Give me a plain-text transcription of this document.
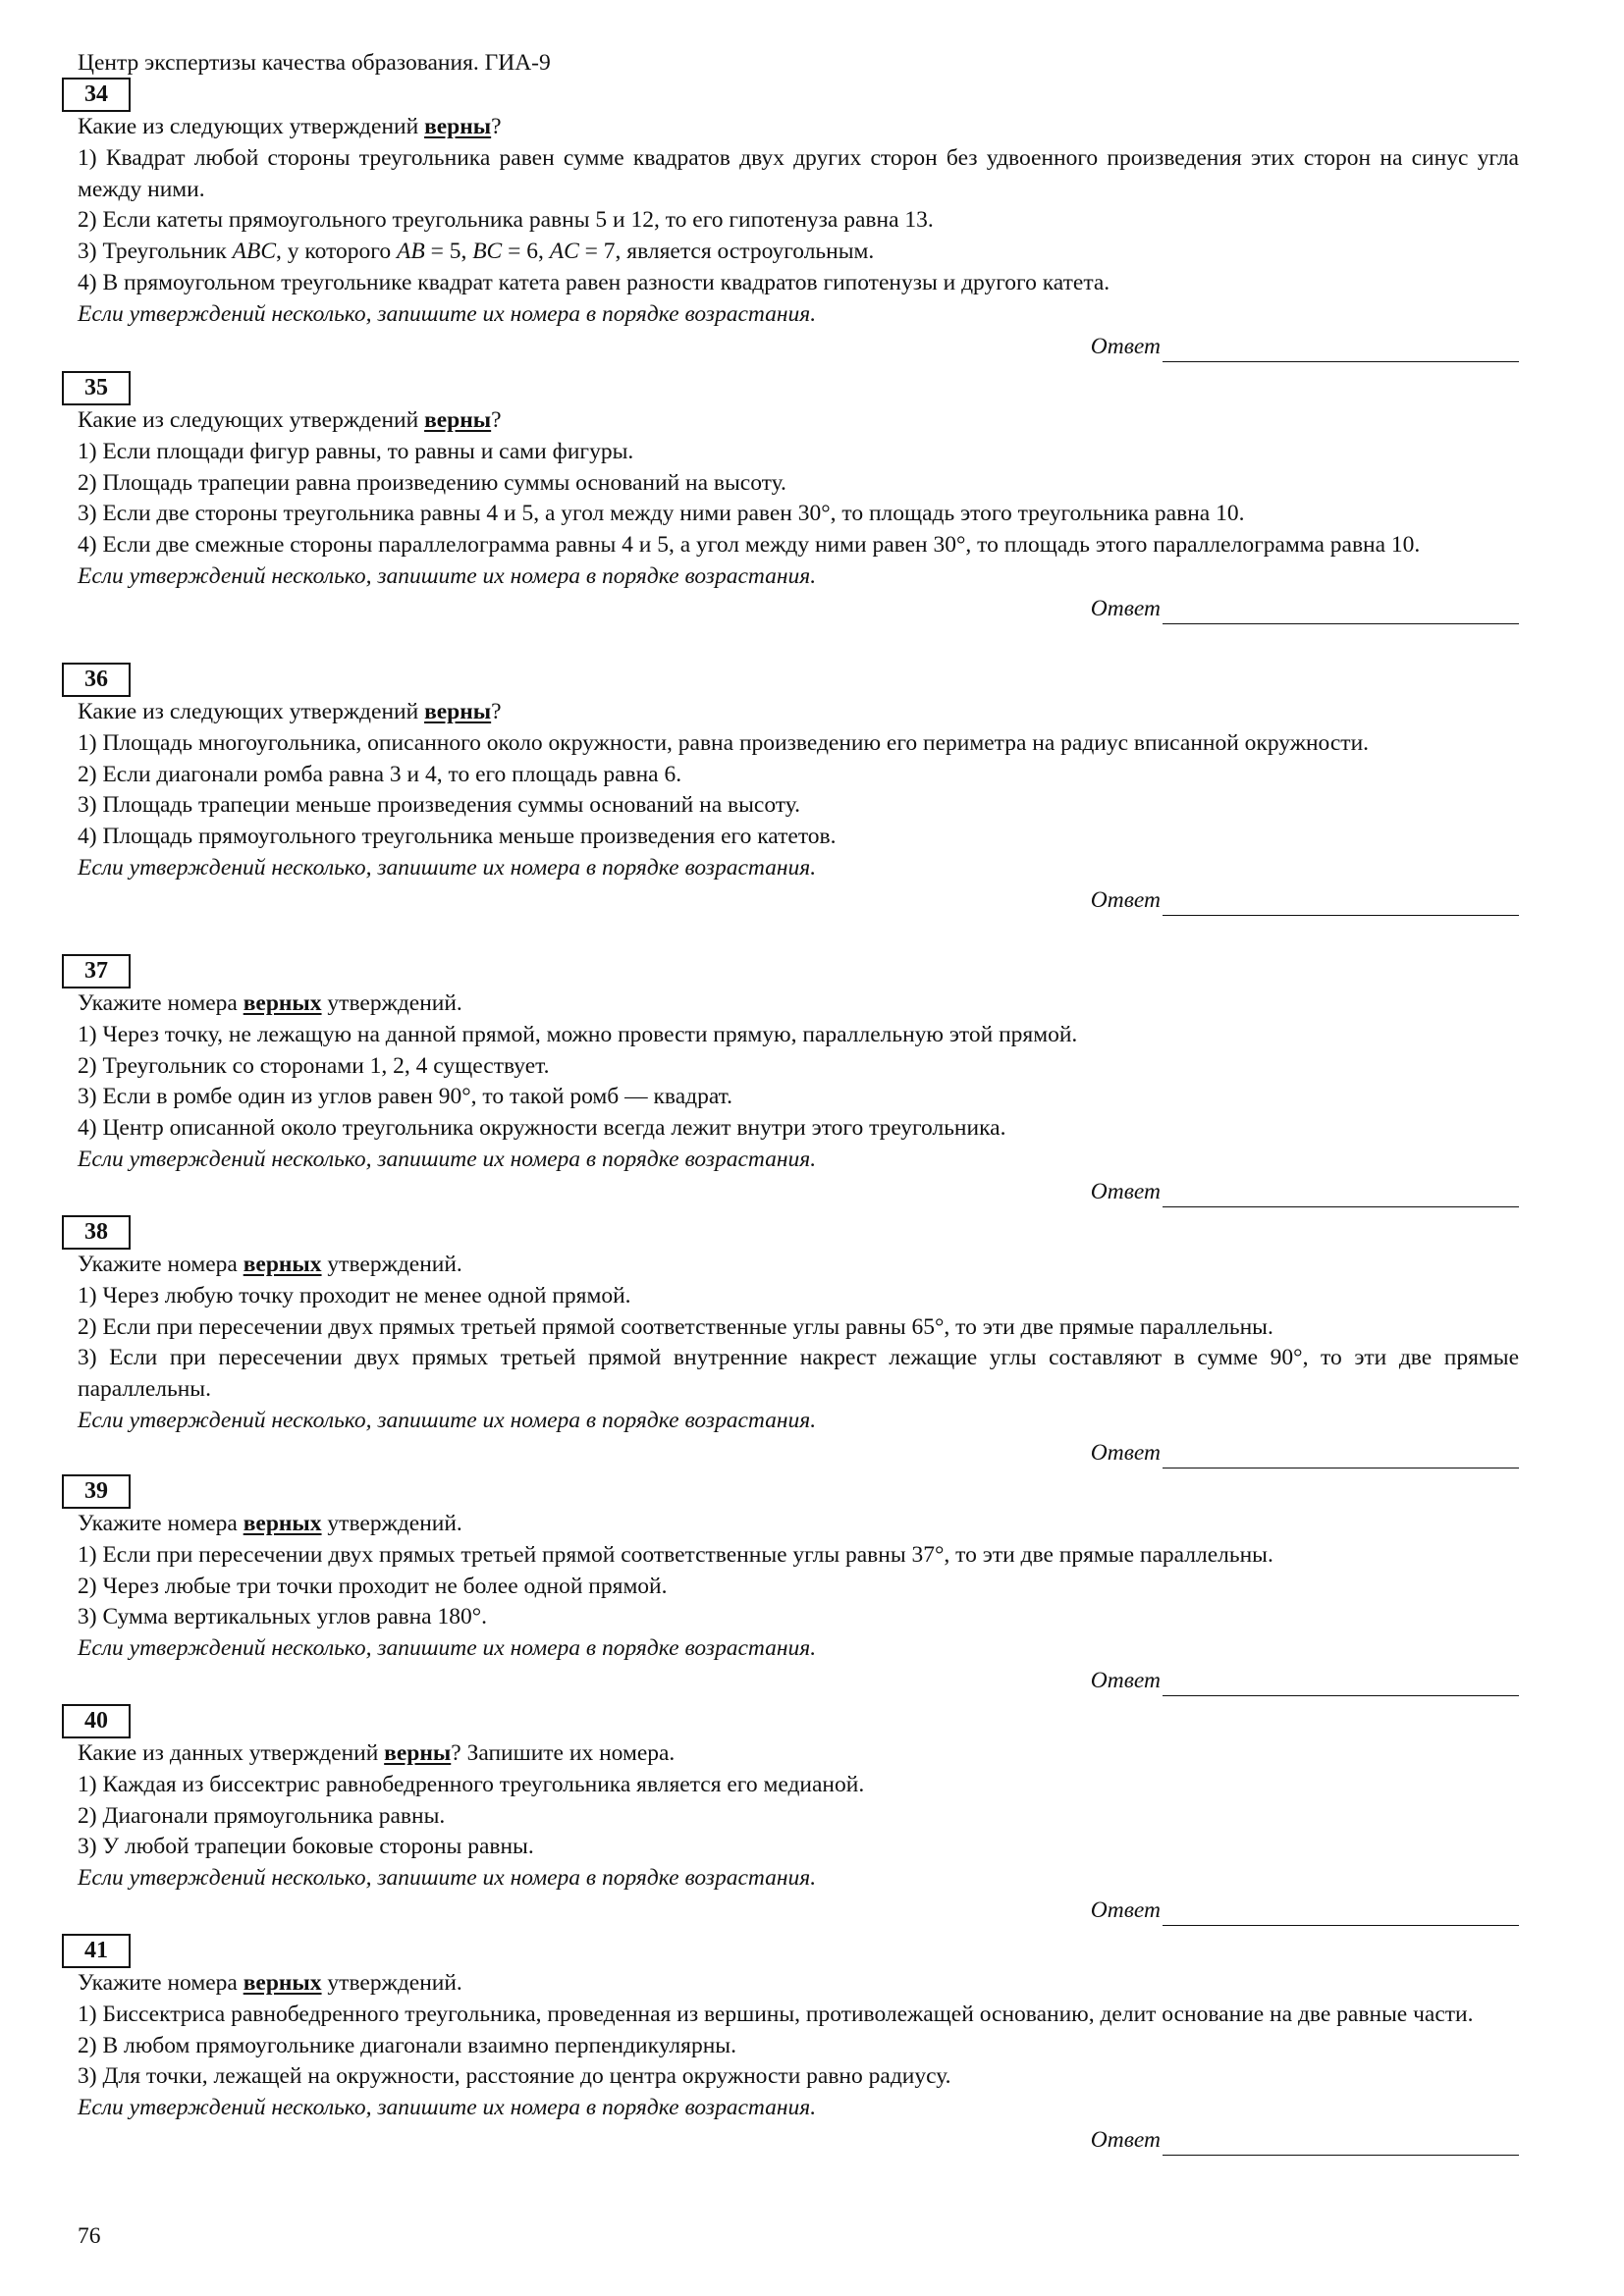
Центр экспертизы качества образования. ГИА-9
34
Какие из следующих утверждений верны?
1) Квадрат любой стороны треугольника равен сумме квадратов двух других сторон без удвоенного произведения этих сторон на синус угла между ними.
2) Если катеты прямоугольного треугольника равны 5 и 12, то его гипотенуза равна 13.
3) Треугольник ABC, у которого AB = 5, BC = 6, AC = 7, является остроугольным.
4) В прямоугольном треугольнике квадрат катета равен разности квадратов гипотенузы и другого катета.
Если утверждений несколько, запишите их номера в порядке возрастания.
Ответ
35
Какие из следующих утверждений верны?
1) Если площади фигур равны, то равны и сами фигуры.
2) Площадь трапеции равна произведению суммы оснований на высоту.
3) Если две стороны треугольника равны 4 и 5, а угол между ними равен 30°, то площадь этого треугольника равна 10.
4) Если две смежные стороны параллелограмма равны 4 и 5, а угол между ними равен 30°, то площадь этого параллелограмма равна 10.
Если утверждений несколько, запишите их номера в порядке возрастания.
Ответ
36
Какие из следующих утверждений верны?
1) Площадь многоугольника, описанного около окружности, равна произведению его периметра на радиус вписанной окружности.
2) Если диагонали ромба равна 3 и 4, то его площадь равна 6.
3) Площадь трапеции меньше произведения суммы оснований на высоту.
4) Площадь прямоугольного треугольника меньше произведения его катетов.
Если утверждений несколько, запишите их номера в порядке возрастания.
Ответ
37
Укажите номера верных утверждений.
1) Через точку, не лежащую на данной прямой, можно провести прямую, параллельную этой прямой.
2) Треугольник со сторонами 1, 2, 4 существует.
3) Если в ромбе один из углов равен 90°, то такой ромб — квадрат.
4) Центр описанной около треугольника окружности всегда лежит внутри этого треугольника.
Если утверждений несколько, запишите их номера в порядке возрастания.
Ответ
38
Укажите номера верных утверждений.
1) Через любую точку проходит не менее одной прямой.
2) Если при пересечении двух прямых третьей прямой соответственные углы равны 65°, то эти две прямые параллельны.
3) Если при пересечении двух прямых третьей прямой внутренние накрест лежащие углы составляют в сумме 90°, то эти две прямые параллельны.
Если утверждений несколько, запишите их номера в порядке возрастания.
Ответ
39
Укажите номера верных утверждений.
1) Если при пересечении двух прямых третьей прямой соответственные углы равны 37°, то эти две прямые параллельны.
2) Через любые три точки проходит не более одной прямой.
3) Сумма вертикальных углов равна 180°.
Если утверждений несколько, запишите их номера в порядке возрастания.
Ответ
40
Какие из данных утверждений верны? Запишите их номера.
1) Каждая из биссектрис равнобедренного треугольника является его медианой.
2) Диагонали прямоугольника равны.
3) У любой трапеции боковые стороны равны.
Если утверждений несколько, запишите их номера в порядке возрастания.
Ответ
41
Укажите номера верных утверждений.
1) Биссектриса равнобедренного треугольника, проведенная из вершины, противолежащей основанию, делит основание на две равные части.
2) В любом прямоугольнике диагонали взаимно перпендикулярны.
3) Для точки, лежащей на окружности, расстояние до центра окружности равно радиусу.
Если утверждений несколько, запишите их номера в порядке возрастания.
Ответ
76
